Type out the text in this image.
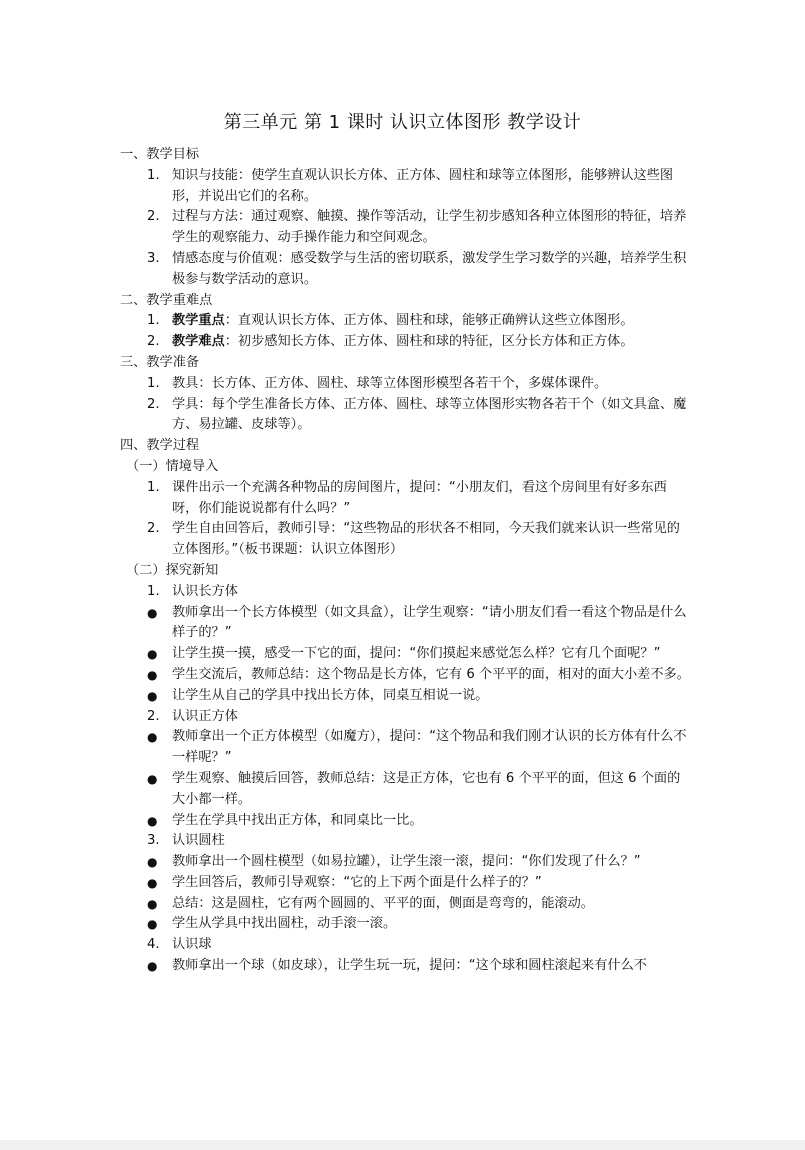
第三单元 第 1 课时 认识立体图形 教学设计
一、教学目标
1. 知识与技能：使学生直观认识长方体、正方体、圆柱和球等立体图形，能够辨认这些图形，并说出它们的名称。
2. 过程与方法：通过观察、触摸、操作等活动，让学生初步感知各种立体图形的特征，培养学生的观察能力、动手操作能力和空间观念。
3. 情感态度与价值观：感受数学与生活的密切联系，激发学生学习数学的兴趣，培养学生积极参与数学活动的意识。
二、教学重难点
1. 教学重点：直观认识长方体、正方体、圆柱和球，能够正确辨认这些立体图形。
2. 教学难点：初步感知长方体、正方体、圆柱和球的特征，区分长方体和正方体。
三、教学准备
1. 教具：长方体、正方体、圆柱、球等立体图形模型各若干个，多媒体课件。
2. 学具：每个学生准备长方体、正方体、圆柱、球等立体图形实物各若干个（如文具盒、魔方、易拉罐、皮球等）。
四、教学过程
（一）情境导入
1. 课件出示一个充满各种物品的房间图片，提问：“小朋友们，看这个房间里有好多东西呀，你们能说说都有什么吗？”
2. 学生自由回答后，教师引导：“这些物品的形状各不相同，今天我们就来认识一些常见的立体图形。”（板书课题：认识立体图形）
（二）探究新知
1. 认识长方体
● 教师拿出一个长方体模型（如文具盒），让学生观察：“请小朋友们看一看这个物品是什么样子的？”
● 让学生摸一摸，感受一下它的面，提问：“你们摸起来感觉怎么样？它有几个面呢？”
● 学生交流后，教师总结：这个物品是长方体，它有 6 个平平的面，相对的面大小差不多。
● 让学生从自己的学具中找出长方体，同桌互相说一说。
2. 认识正方体
● 教师拿出一个正方体模型（如魔方），提问：“这个物品和我们刚才认识的长方体有什么不一样呢？”
● 学生观察、触摸后回答，教师总结：这是正方体，它也有 6 个平平的面，但这 6 个面的大小都一样。
● 学生在学具中找出正方体，和同桌比一比。
3. 认识圆柱
● 教师拿出一个圆柱模型（如易拉罐），让学生滚一滚，提问：“你们发现了什么？”
● 学生回答后，教师引导观察：“它的上下两个面是什么样子的？”
● 总结：这是圆柱，它有两个圆圆的、平平的面，侧面是弯弯的，能滚动。
● 学生从学具中找出圆柱，动手滚一滚。
4. 认识球
● 教师拿出一个球（如皮球），让学生玩一玩，提问：“这个球和圆柱滚起来有什么不
